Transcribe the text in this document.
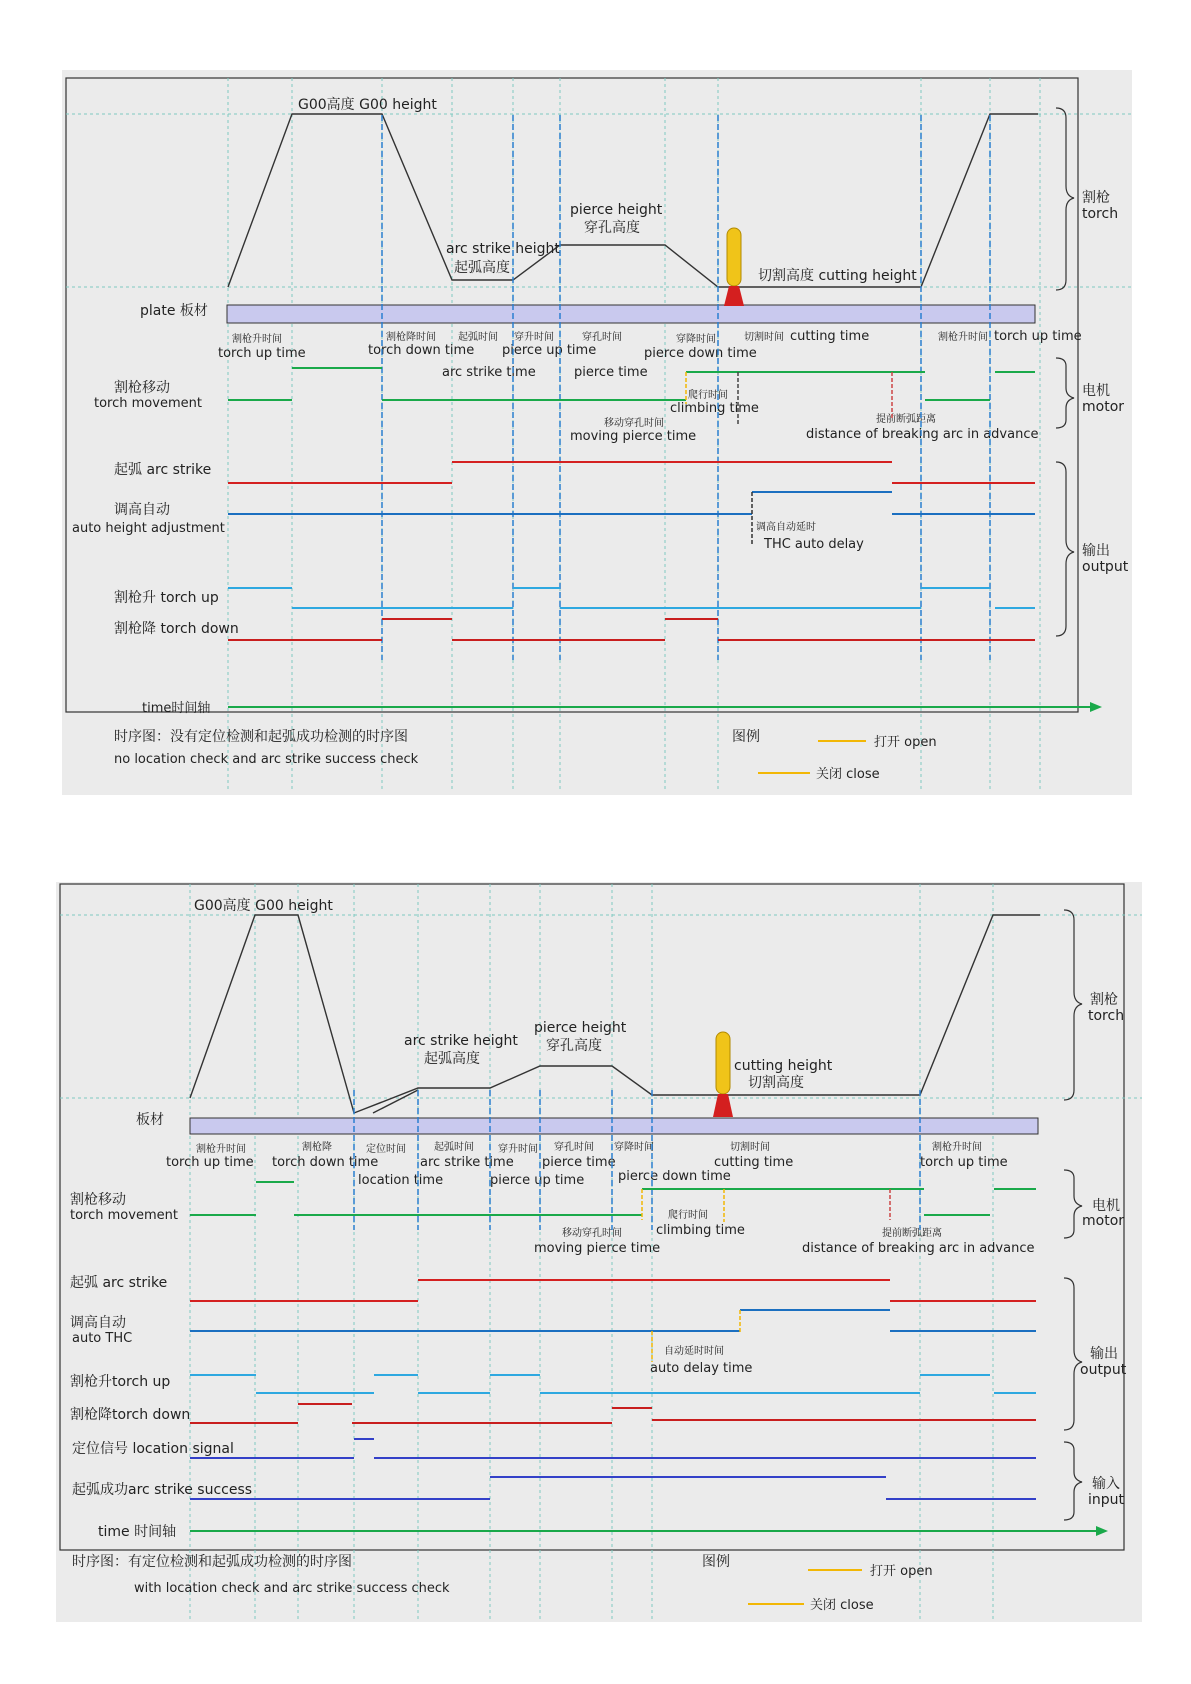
G00高度 G00 height
arc strike height
起弧高度
pierce height
穿孔高度
切割高度 cutting height
plate 板材
割枪
torch
电机
motor
输出
output
割枪升时间
torch up time
割枪降时间
torch down time
起弧时间
arc strike time
穿升时间
pierce up time
穿孔时间
pierce time
穿降时间
pierce down time
切割时间 cutting time	割枪升时间 torch up time
爬行时间
climbing time
移动穿孔时间
moving pierce time
提前断弧距离
distance of breaking arc in advance
调高自动延时
THC auto delay
割枪移动
torch movement
起弧 arc strike
调高自动
auto height adjustment
割枪升 torch up
割枪降 torch down
time时间轴
时序图：没有定位检测和起弧成功检测的时序图
no location check and arc strike success check
图例	打开 open
关闭 close
G00高度 G00 height
arc strike height
起弧高度
pierce height
穿孔高度
cutting height
切割高度
板材
割枪
torch
电机
motor
输出
output
输入
input
割枪升时间
torch up time
割枪降
torch down time
定位时间
location time
起弧时间
arc strike time
穿升时间
pierce up time
穿孔时间
pierce time
穿降时间
pierce down time
切割时间
cutting time
割枪升时间
torch up time
爬行时间
climbing time
移动穿孔时间
moving pierce time
提前断弧距离
distance of breaking arc in advance
自动延时时间
auto delay time
割枪移动
torch movement
起弧 arc strike
调高自动
auto THC
割枪升torch up
割枪降torch down
定位信号 location signal
起弧成功arc strike success
time 时间轴
时序图：有定位检测和起弧成功检测的时序图
with location check and arc strike success check
图例
打开 open
关闭 close
